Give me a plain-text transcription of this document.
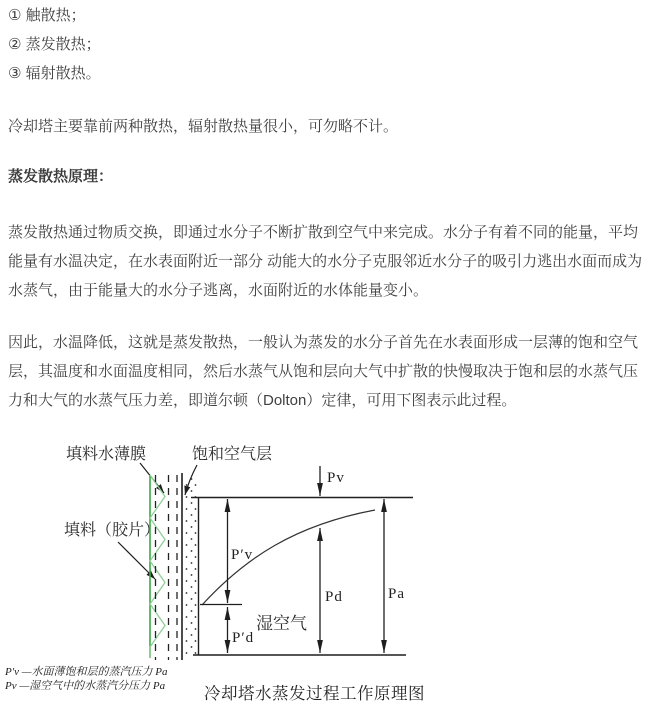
① 触散热；
② 蒸发散热；
③ 辐射散热。

冷却塔主要靠前两种散热，辐射散热量很小，可勿略不计。

蒸发散热原理：

蒸发散热通过物质交换，即通过水分子不断扩散到空气中来完成。水分子有着不同的能量，平均能量有水温决定，在水表面附近一部分 动能大的水分子克服邻近水分子的吸引力逃出水面而成为水蒸气，由于能量大的水分子逃离，水面附近的水体能量变小。

因此，水温降低，这就是蒸发散热，一般认为蒸发的水分子首先在水表面形成一层薄的饱和空气层，其温度和水面温度相同，然后水蒸气从饱和层向大气中扩散的快慢取决于饱和层的水蒸气压力和大气的水蒸气压力差，即道尔顿（Dolton）定律，可用下图表示此过程。

填料水薄膜	饱和空气层
填料（胶片）
Pv
P′v
P′d
Pd	Pa
湿空气
P′v —水面薄饱和层的蒸汽压力 Pa
Pv —湿空气中的水蒸汽分压力 Pa 冷却塔水蒸发过程工作原理图
